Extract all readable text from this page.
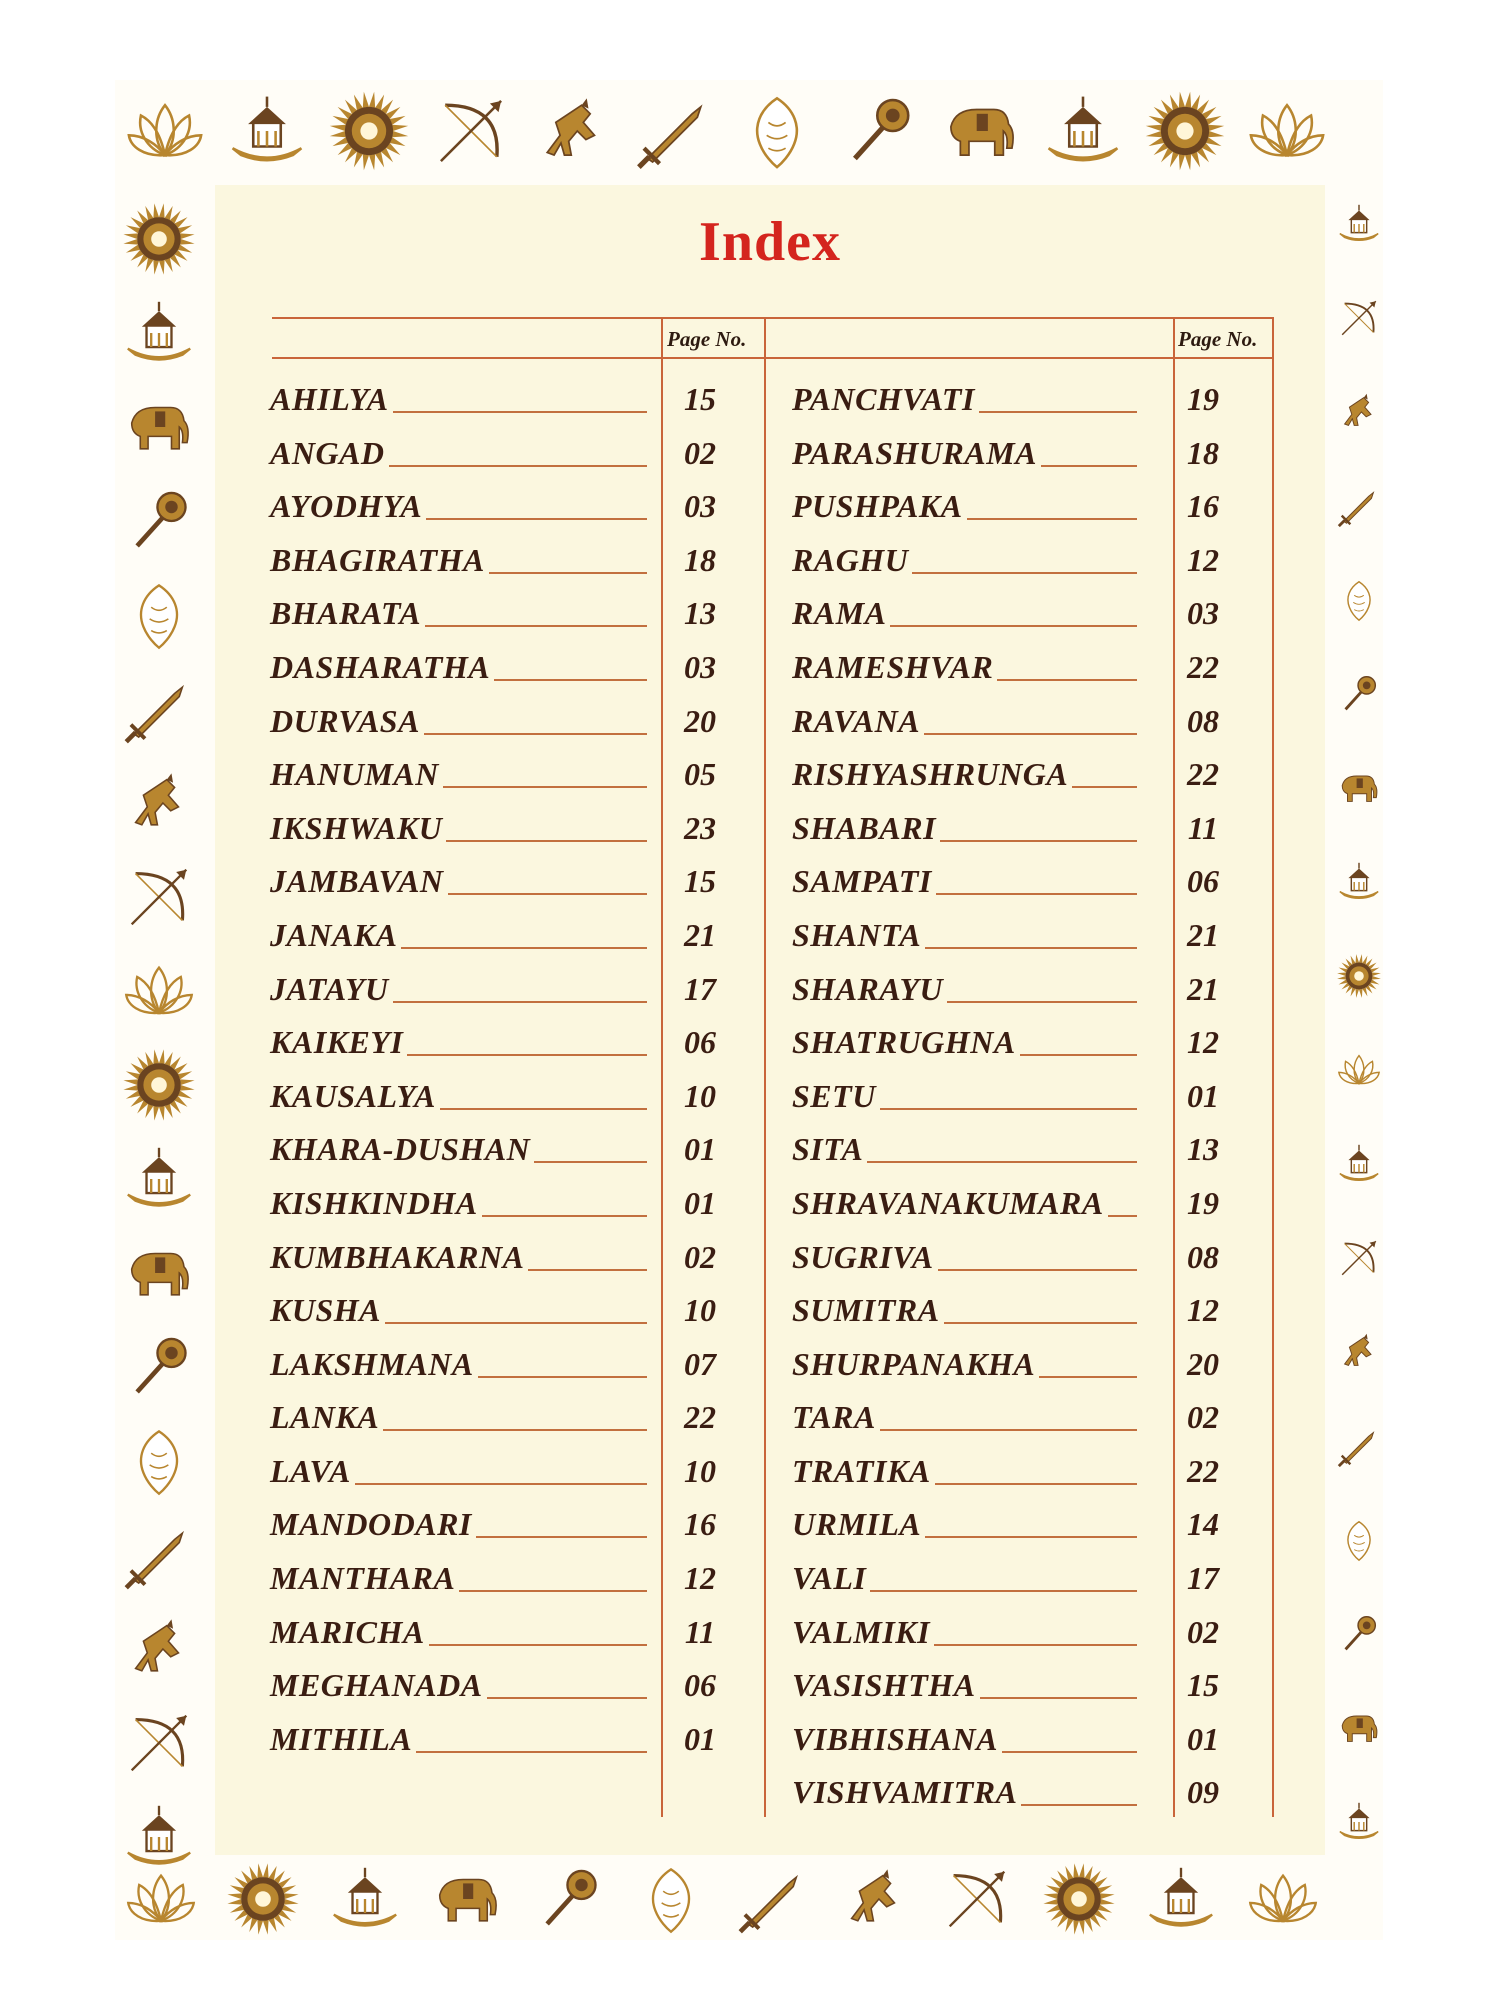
Index
Page No.	Page No.
AHILYA	15
ANGAD	02
AYODHYA	03
BHAGIRATHA	18
BHARATA	13
DASHARATHA	03
DURVASA	20
HANUMAN	05
IKSHWAKU	23
JAMBAVAN	15
JANAKA	21
JATAYU	17
KAIKEYI	06
KAUSALYA	10
KHARA-DUSHAN	01
KISHKINDHA	01
KUMBHAKARNA	02
KUSHA	10
LAKSHMANA	07
LANKA	22
LAVA	10
MANDODARI	16
MANTHARA	12
MARICHA	11
MEGHANADA	06
MITHILA	01
PANCHVATI	19
PARASHURAMA	18
PUSHPAKA	16
RAGHU	12
RAMA	03
RAMESHVAR	22
RAVANA	08
RISHYASHRUNGA	22
SHABARI	11
SAMPATI	06
SHANTA	21
SHARAYU	21
SHATRUGHNA	12
SETU	01
SITA	13
SHRAVANAKUMARA	19
SUGRIVA	08
SUMITRA	12
SHURPANAKHA	20
TARA	02
TRATIKA	22
URMILA	14
VALI	17
VALMIKI	02
VASISHTHA	15
VIBHISHANA	01
VISHVAMITRA	09
